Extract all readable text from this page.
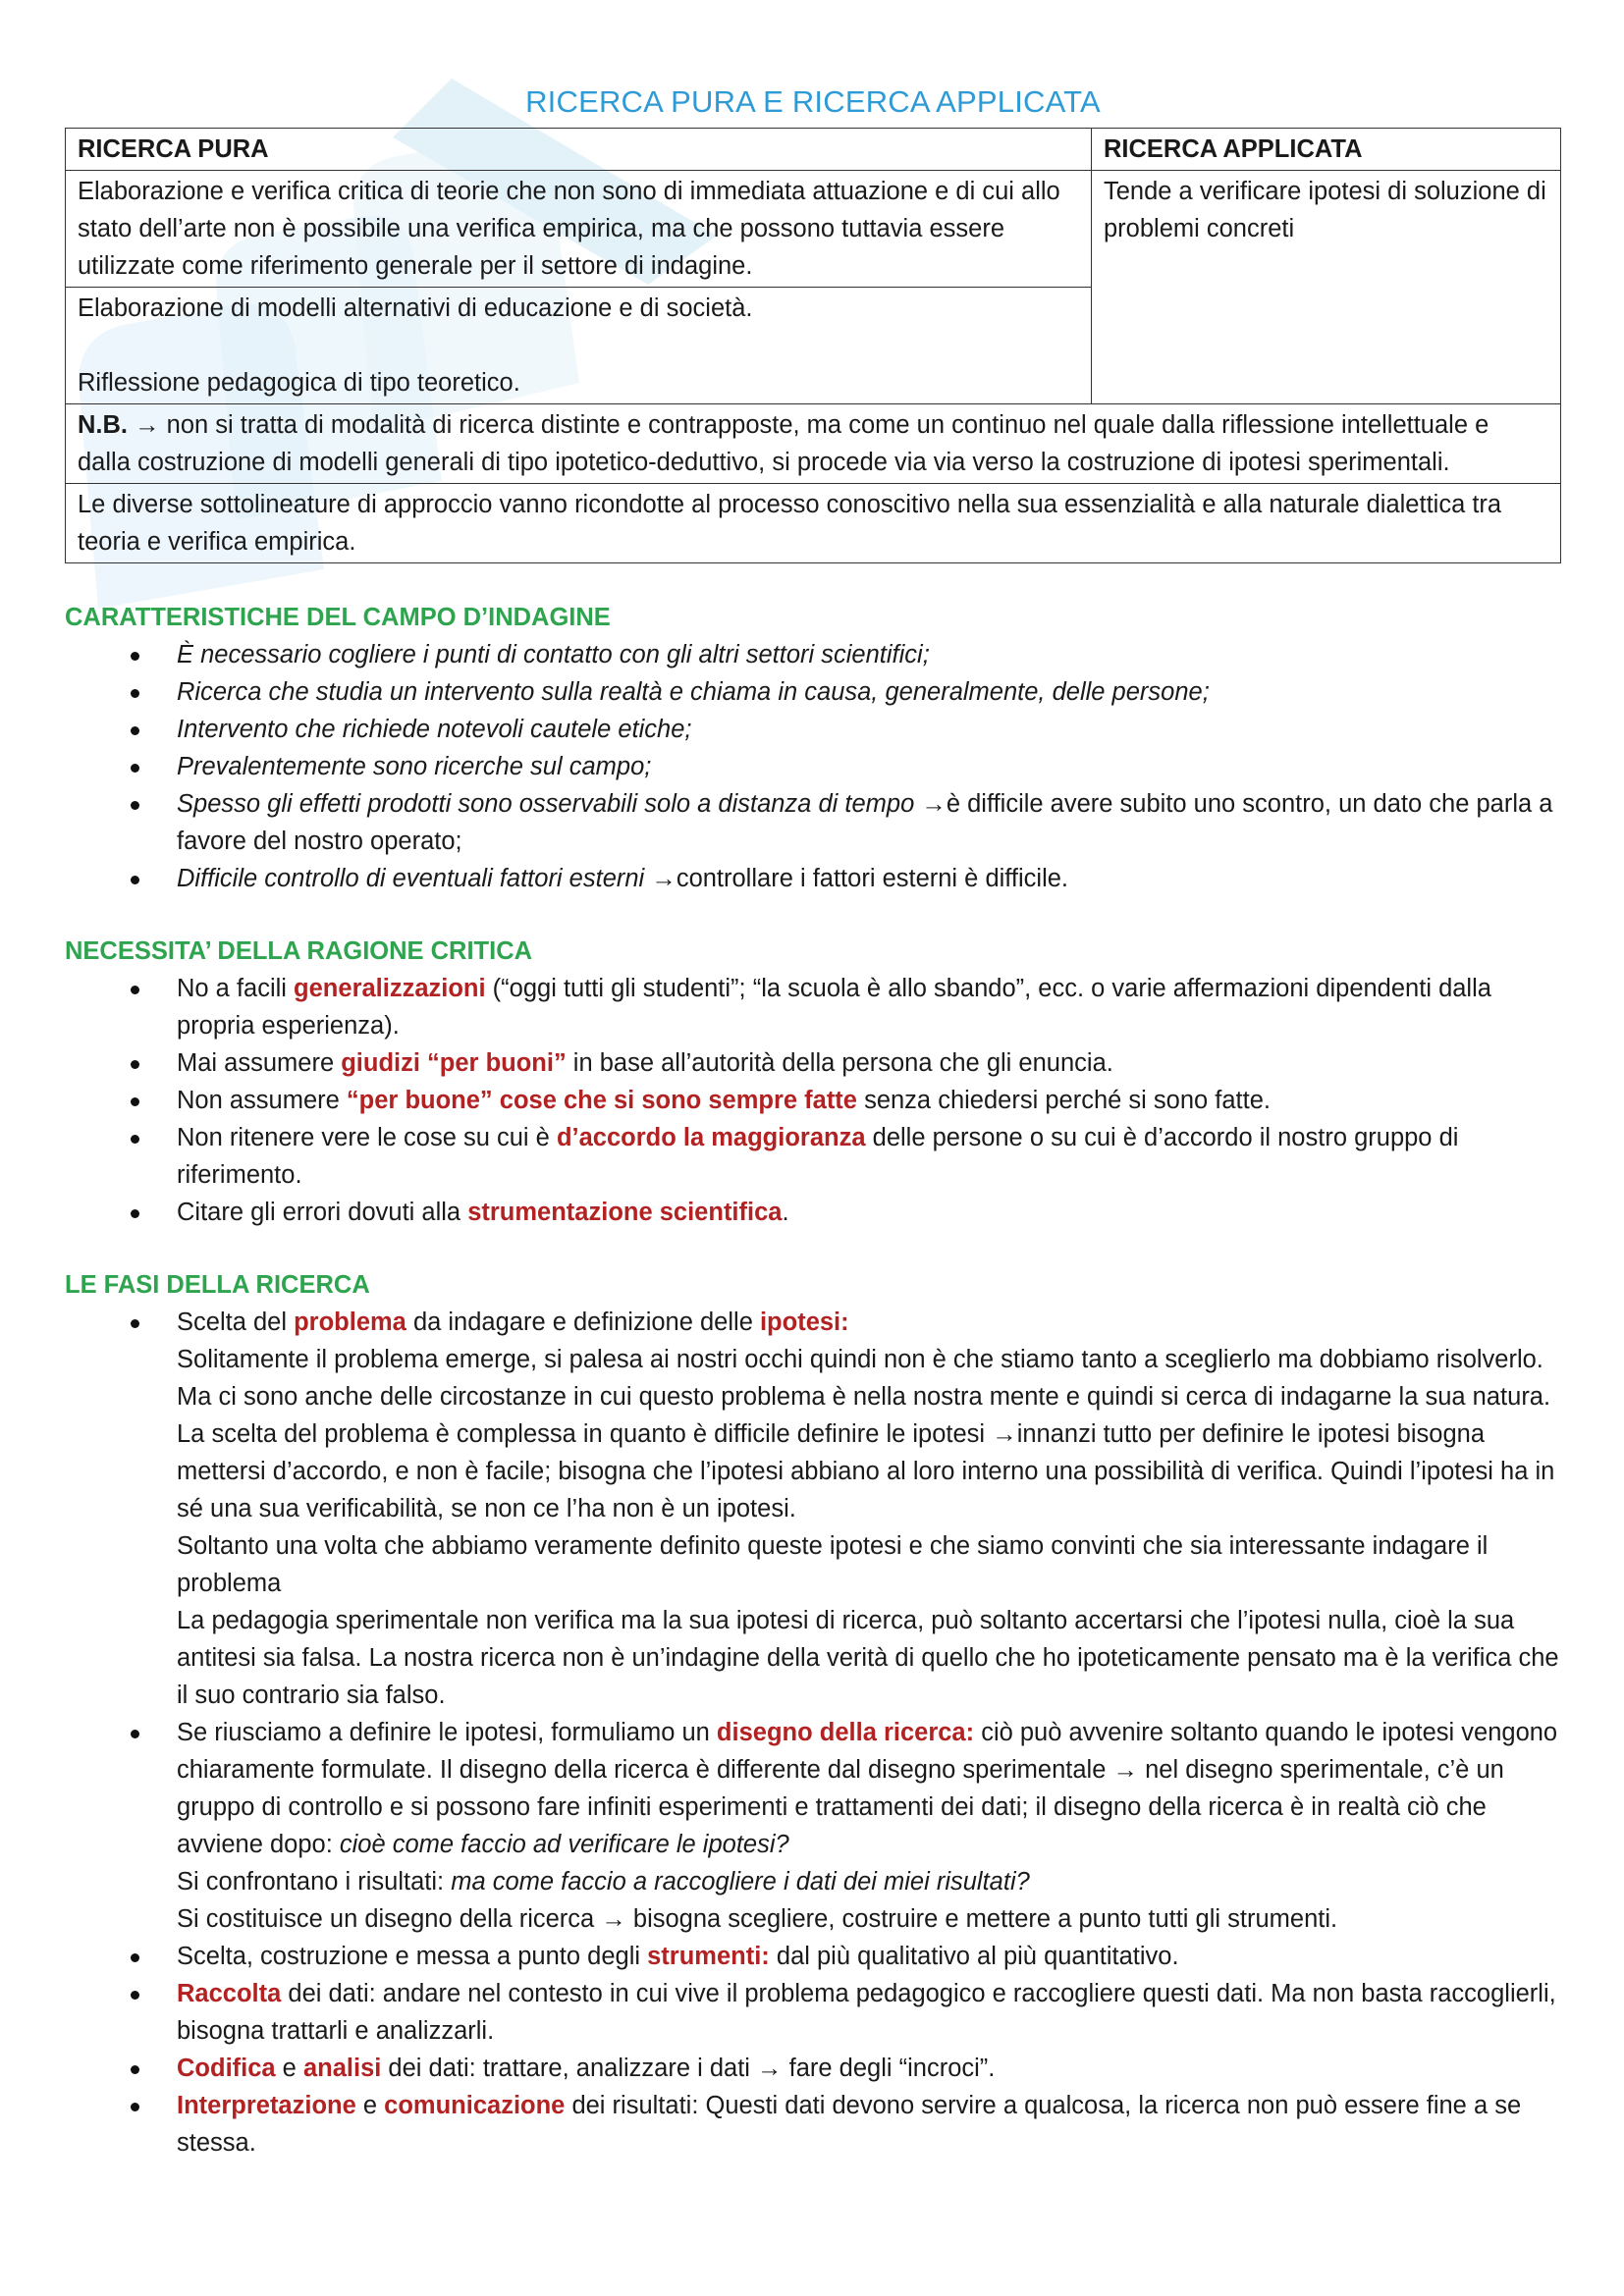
RICERCA PURA E RICERCA APPLICATA
RICERCA PURA	RICERCA APPLICATA
Elaborazione e verifica critica di teorie che non sono di immediata attuazione e di cui allo stato dell’arte non è possibile una verifica empirica, ma che possono tuttavia essere utilizzate come riferimento generale per il settore di indagine.	Tende a verificare ipotesi di soluzione di problemi concreti

Elaborazione di modelli alternativi di educazione e di società.
Riflessione pedagogica di tipo teoretico.	

N.B. → non si tratta di modalità di ricerca distinte e contrapposte, ma come un continuo nel quale dalla riflessione intellettuale e dalla costruzione di modelli generali di tipo ipotetico-deduttivo, si procede via via verso la costruzione di ipotesi sperimentali.	
Le diverse sottolineature di approccio vanno ricondotte al processo conoscitivo nella sua essenzialità e alla naturale dialettica tra teoria e verifica empirica.	

CARATTERISTICHE DEL CAMPO D’INDAGINE

È necessario cogliere i punti di contatto con gli altri settori scientifici;
Ricerca che studia un intervento sulla realtà e chiama in causa, generalmente, delle persone;
Intervento che richiede notevoli cautele etiche;
Prevalentemente sono ricerche sul campo;
Spesso gli effetti prodotti sono osservabili solo a distanza di tempo →è difficile avere subito uno scontro, un dato che parla a favore del nostro operato;
Difficile controllo di eventuali fattori esterni →controllare i fattori esterni è difficile.

NECESSITA’ DELLA RAGIONE CRITICA

No a facili generalizzazioni (“oggi tutti gli studenti”; “la scuola è allo sbando”, ecc. o varie affermazioni dipendenti dalla propria esperienza).
Mai assumere giudizi “per buoni” in base all’autorità della persona che gli enuncia.
Non assumere “per buone” cose che si sono sempre fatte senza chiedersi perché si sono fatte.
Non ritenere vere le cose su cui è d’accordo la maggioranza delle persone o su cui è d’accordo il nostro gruppo di riferimento.
Citare gli errori dovuti alla strumentazione scientifica.

LE FASI DELLA RICERCA

Scelta del problema da indagare e definizione delle ipotesi:

Solitamente il problema emerge, si palesa ai nostri occhi quindi non è che stiamo tanto a sceglierlo ma dobbiamo risolverlo. Ma ci sono anche delle circostanze in cui questo problema è nella nostra mente e quindi si cerca di indagarne la sua natura.

La scelta del problema è complessa in quanto è difficile definire le ipotesi →innanzi tutto per definire le ipotesi bisogna mettersi d’accordo, e non è facile; bisogna che l’ipotesi abbiano al loro interno una possibilità di verifica. Quindi l’ipotesi ha in sé una sua verificabilità, se non ce l’ha non è un ipotesi.

Soltanto una volta che abbiamo veramente definito queste ipotesi e che siamo convinti che sia interessante indagare il problema

La pedagogia sperimentale non verifica ma la sua ipotesi di ricerca, può soltanto accertarsi che l’ipotesi nulla, cioè la sua antitesi sia falsa. La nostra ricerca non è un’indagine della verità di quello che ho ipoteticamente pensato ma è la verifica che il suo contrario sia falso.

Se riusciamo a definire le ipotesi, formuliamo un disegno della ricerca: ciò può avvenire soltanto quando le ipotesi vengono chiaramente formulate. Il disegno della ricerca è differente dal disegno sperimentale → nel disegno sperimentale, c’è un gruppo di controllo e si possono fare infiniti esperimenti e trattamenti dei dati; il disegno della ricerca è in realtà ciò che avviene dopo: cioè come faccio ad verificare le ipotesi?

Si confrontano i risultati: ma come faccio a raccogliere i dati dei miei risultati?

Si costituisce un disegno della ricerca → bisogna scegliere, costruire e mettere a punto tutti gli strumenti.

Scelta, costruzione e messa a punto degli strumenti: dal più qualitativo al più quantitativo.
Raccolta dei dati: andare nel contesto in cui vive il problema pedagogico e raccogliere questi dati. Ma non basta raccoglierli, bisogna trattarli e analizzarli.
Codifica e analisi dei dati: trattare, analizzare i dati → fare degli “incroci”.
Interpretazione e comunicazione dei risultati: Questi dati devono servire a qualcosa, la ricerca non può essere fine a se stessa.
